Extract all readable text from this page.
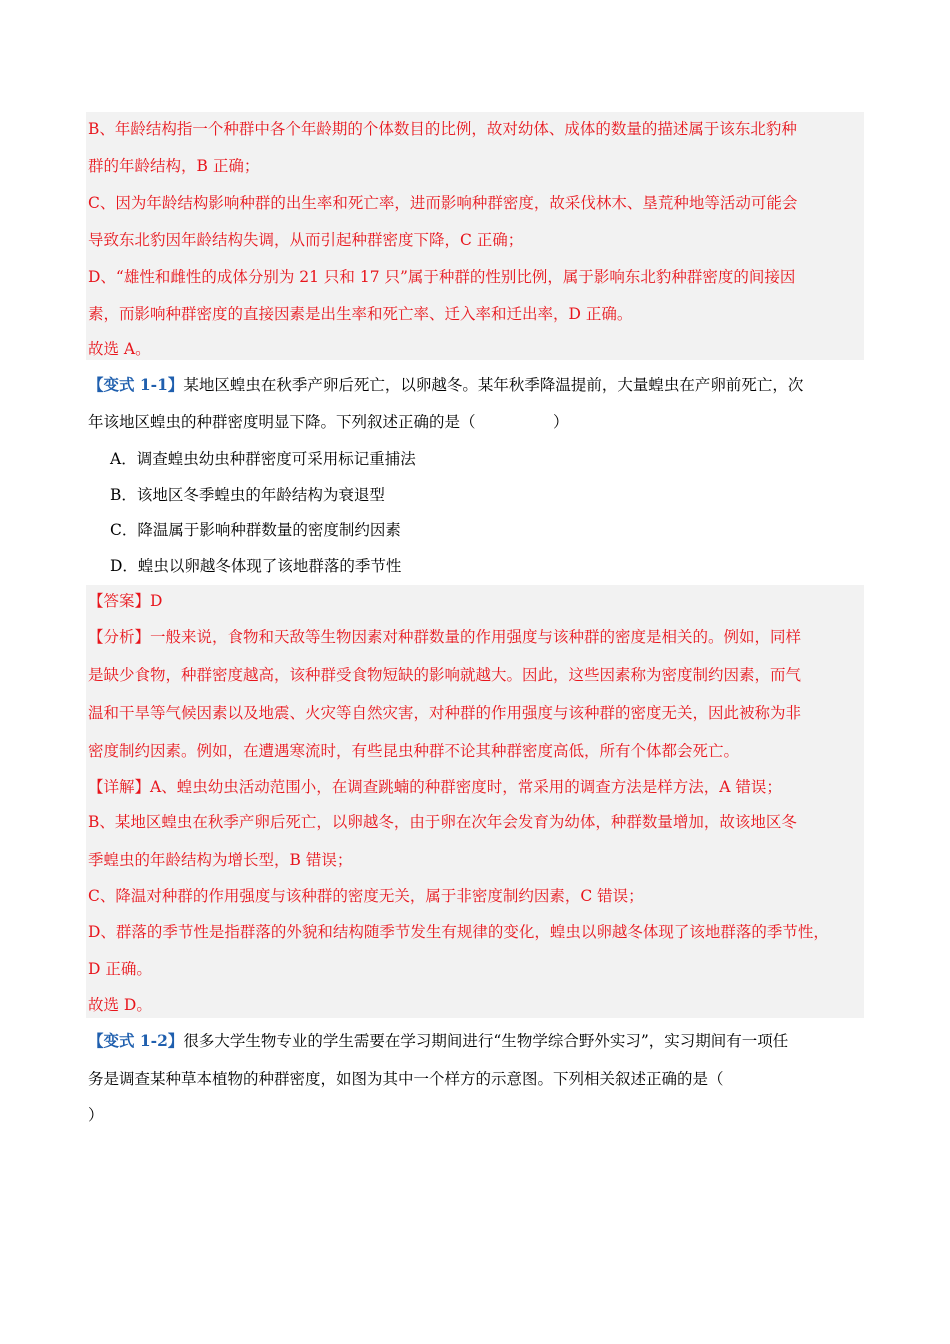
B、年龄结构指一个种群中各个年龄期的个体数目的比例，故对幼体、成体的数量的描述属于该东北豹种
群的年龄结构，B 正确；
C、因为年龄结构影响种群的出生率和死亡率，进而影响种群密度，故采伐林木、垦荒种地等活动可能会
导致东北豹因年龄结构失调，从而引起种群密度下降，C 正确；
D、“雄性和雌性的成体分别为 21 只和 17 只”属于种群的性别比例，属于影响东北豹种群密度的间接因
素，而影响种群密度的直接因素是出生率和死亡率、迁入率和迁出率，D 正确。
故选 A。
【变式 1-1】某地区蝗虫在秋季产卵后死亡，以卵越冬。某年秋季降温提前，大量蝗虫在产卵前死亡，次
年该地区蝗虫的种群密度明显下降。下列叙述正确的是（　　　　　）
A．调查蝗虫幼虫种群密度可采用标记重捕法
B．该地区冬季蝗虫的年龄结构为衰退型
C．降温属于影响种群数量的密度制约因素
D．蝗虫以卵越冬体现了该地群落的季节性
【答案】D
【分析】一般来说，食物和天敌等生物因素对种群数量的作用强度与该种群的密度是相关的。例如，同样
是缺少食物，种群密度越高，该种群受食物短缺的影响就越大。因此，这些因素称为密度制约因素，而气
温和干旱等气候因素以及地震、火灾等自然灾害，对种群的作用强度与该种群的密度无关，因此被称为非
密度制约因素。例如，在遭遇寒流时，有些昆虫种群不论其种群密度高低，所有个体都会死亡。
【详解】A、蝗虫幼虫活动范围小，在调查跳蝻的种群密度时，常采用的调查方法是样方法，A 错误；
B、某地区蝗虫在秋季产卵后死亡，以卵越冬，由于卵在次年会发育为幼体，种群数量增加，故该地区冬
季蝗虫的年龄结构为增长型，B 错误；
C、降温对种群的作用强度与该种群的密度无关，属于非密度制约因素，C 错误；
D、群落的季节性是指群落的外貌和结构随季节发生有规律的变化，蝗虫以卵越冬体现了该地群落的季节性，
D 正确。
故选 D。
【变式 1-2】很多大学生物专业的学生需要在学习期间进行“生物学综合野外实习”，实习期间有一项任
务是调查某种草本植物的种群密度，如图为其中一个样方的示意图。下列相关叙述正确的是（
）
